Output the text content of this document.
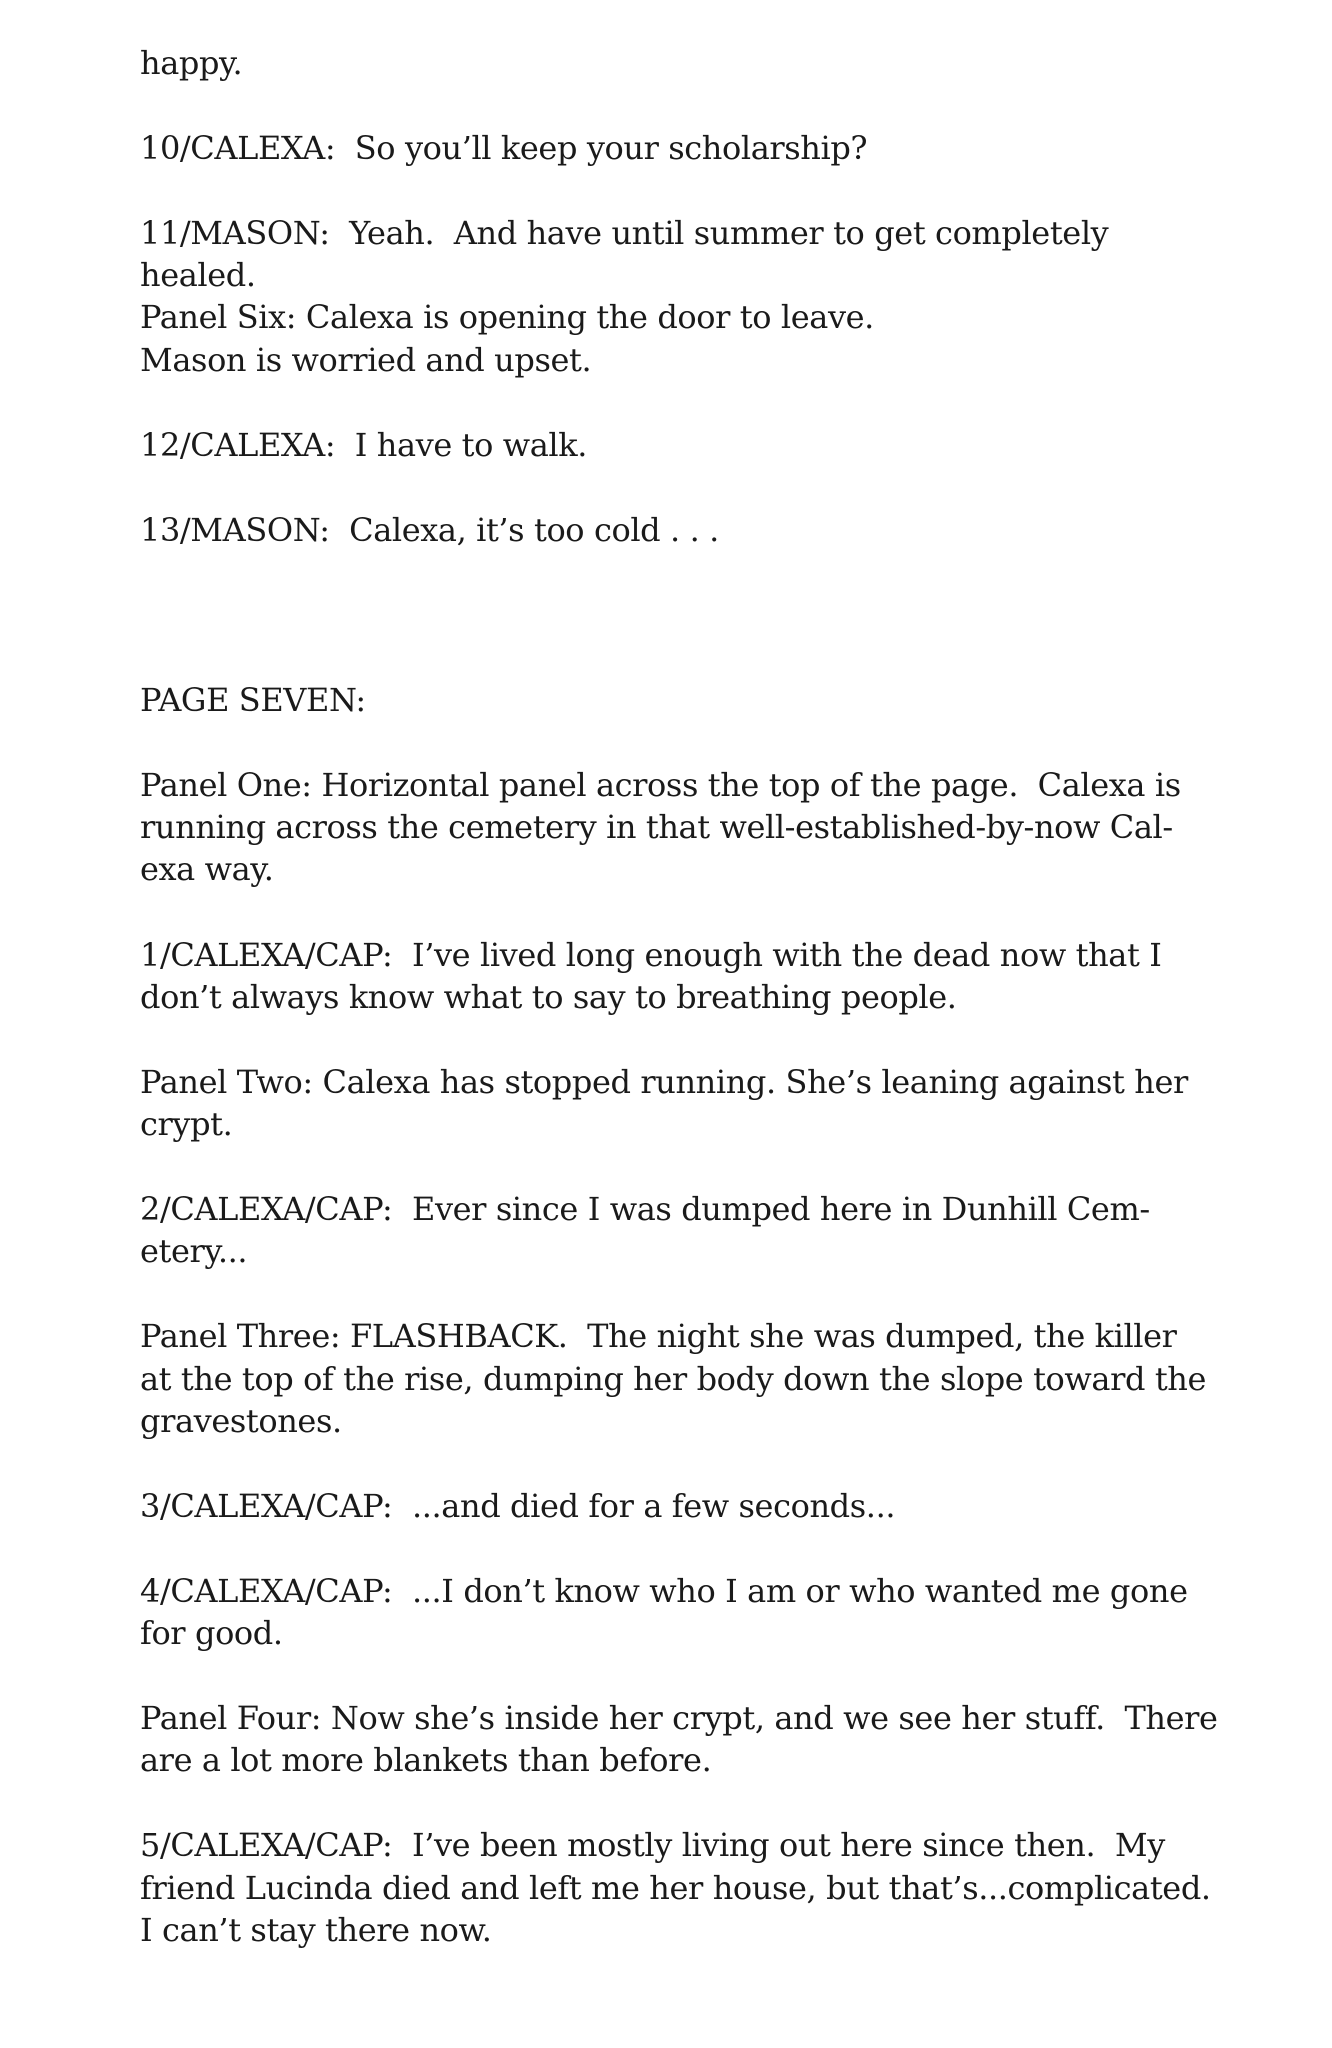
happy.

10/CALEXA:  So you’ll keep your scholarship?

11/MASON:  Yeah.  And have until summer to get completely

healed.

Panel Six: Calexa is opening the door to leave.

Mason is worried and upset.

12/CALEXA:  I have to walk.

13/MASON:  Calexa, it’s too cold . . .

PAGE SEVEN:

Panel One: Horizontal panel across the top of the page.  Calexa is

running across the cemetery in that well-established-by-now Cal-

exa way.

1/CALEXA/CAP:  I’ve lived long enough with the dead now that I

don’t always know what to say to breathing people.

Panel Two: Calexa has stopped running. She’s leaning against her

crypt.

2/CALEXA/CAP:  Ever since I was dumped here in Dunhill Cem-

etery...

Panel Three: FLASHBACK.  The night she was dumped, the killer

at the top of the rise, dumping her body down the slope toward the

gravestones.

3/CALEXA/CAP:  ...and died for a few seconds...

4/CALEXA/CAP:  ...I don’t know who I am or who wanted me gone

for good.

Panel Four: Now she’s inside her crypt, and we see her stuff.  There

are a lot more blankets than before.

5/CALEXA/CAP:  I’ve been mostly living out here since then.  My

friend Lucinda died and left me her house, but that’s...complicated.

I can’t stay there now.
